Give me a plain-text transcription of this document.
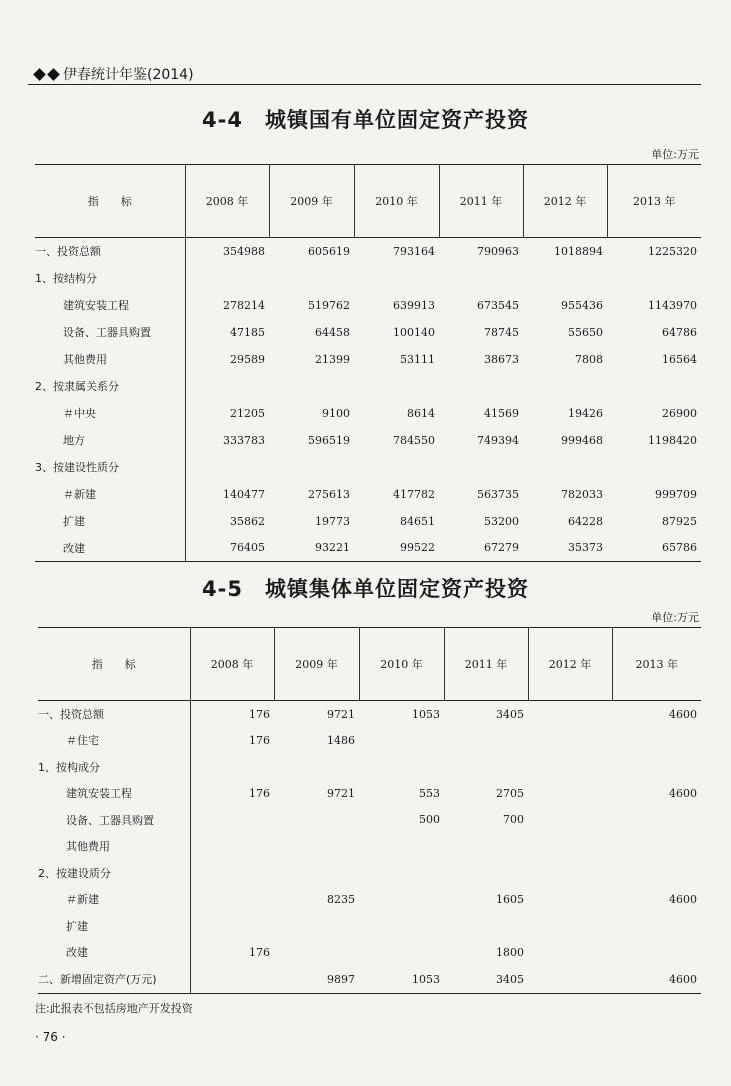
伊春统计年鉴(2014)
4-4　城镇国有单位固定资产投资
单位:万元
指　　标	2008 年	2009 年	2010 年	2011 年	2012 年	2013 年
一、投资总额	354988	605619	793164	790963	1018894	1225320
1、按结构分						
建筑安装工程	278214	519762	639913	673545	955436	1143970
设备、工器具购置	47185	64458	100140	78745	55650	64786
其他费用	29589	21399	53111	38673	7808	16564
2、按隶属关系分						
＃中央	21205	9100	8614	41569	19426	26900
地方	333783	596519	784550	749394	999468	1198420
3、按建设性质分						
＃新建	140477	275613	417782	563735	782033	999709
扩建	35862	19773	84651	53200	64228	87925
改建	76405	93221	99522	67279	35373	65786
4-5　城镇集体单位固定资产投资
单位:万元
指　　标	2008 年	2009 年	2010 年	2011 年	2012 年	2013 年
一、投资总额	176	9721	1053	3405		4600
＃住宅	176	1486				
1、按构成分						
建筑安装工程	176	9721	553	2705		4600
设备、工器具购置			500	700		
其他费用						
2、按建设质分						
＃新建		8235		1605		4600
扩建						
改建	176			1800		
二、新增固定资产(万元)		9897	1053	3405		4600
注:此报表不包括房地产开发投资
· 76 ·
